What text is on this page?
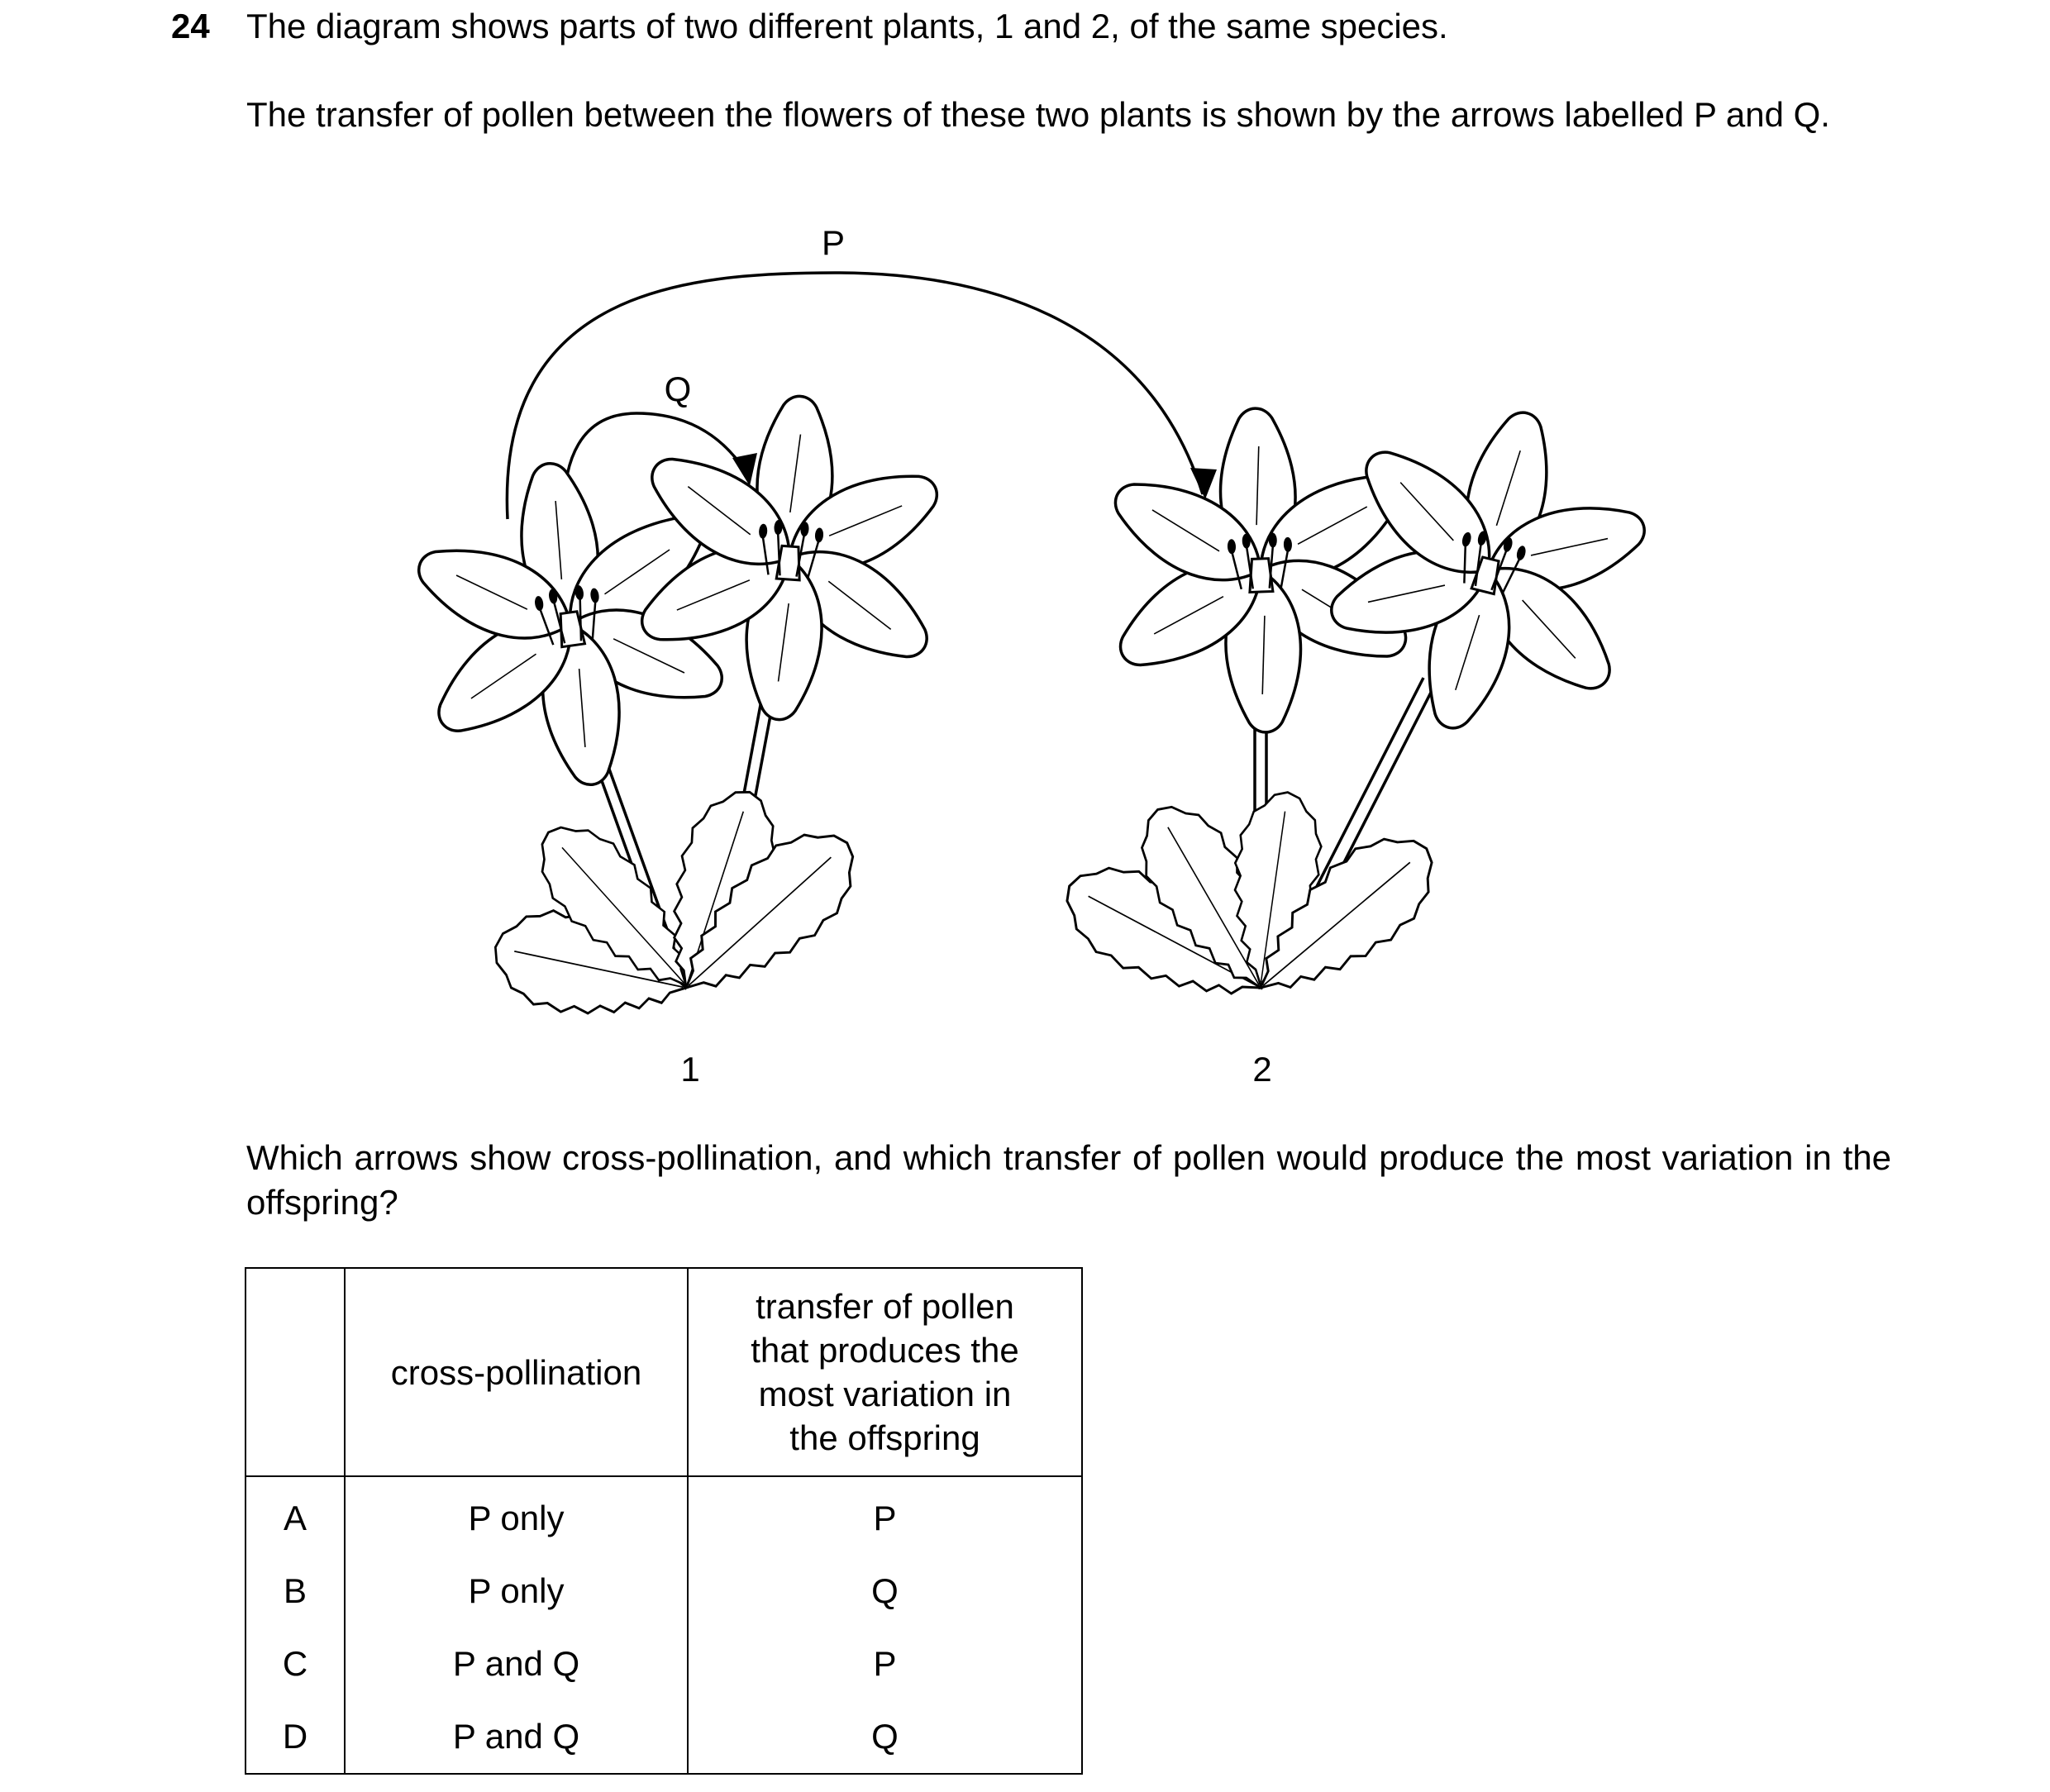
24 The diagram shows parts of two different plants, 1 and 2, of the same species.

The transfer of pollen between the flowers of these two plants is shown by the arrows labelled P and Q.

P
Q
1	2

Which arrows show cross-pollination, and which transfer of pollen would produce the most variation in the offspring?

	cross-pollination	transfer of pollen that produces the most variation in the offspring
A	P only	P
B	P only	Q
C	P and Q	P
D	P and Q	Q
